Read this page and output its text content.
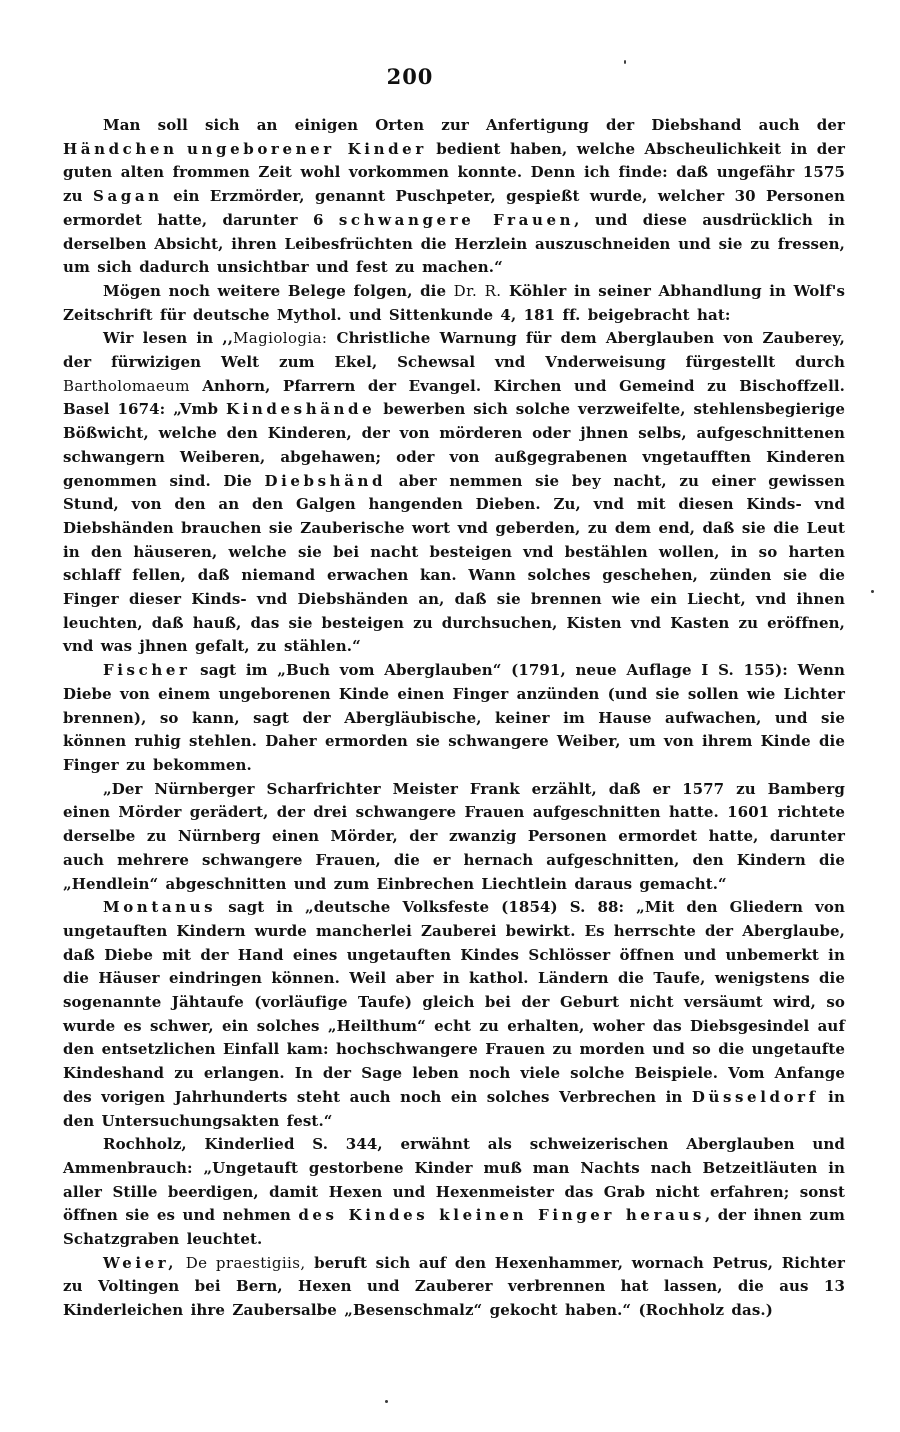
200

Man soll sich an einigen Orten zur Anfertigung der Diebshand auch der Händchen ungeborener Kinder bedient haben, welche Abscheulichkeit in der guten alten frommen Zeit wohl vorkommen konnte. Denn ich finde: daß ungefähr 1575 zu Sagan ein Erzmörder, genannt Puschpeter, gespießt wurde, welcher 30 Personen ermordet hatte, darunter 6 schwangere Frauen, und diese ausdrücklich in derselben Absicht, ihren Leibesfrüchten die Herzlein auszuschneiden und sie zu fressen, um sich dadurch unsichtbar und fest zu machen.“

Mögen noch weitere Belege folgen, die Dr. R. Köhler in seiner Abhandlung in Wolf's Zeitschrift für deutsche Mythol. und Sittenkunde 4, 181 ff. beigebracht hat:

Wir lesen in ,,Magiologia: Christliche Warnung für dem Aberglauben von Zauberey, der fürwizigen Welt zum Ekel, Schewsal vnd Vnderweisung fürgestellt durch Bartholomaeum Anhorn, Pfarrern der Evangel. Kirchen und Gemeind zu Bischoffzell. Basel 1674: „Vmb Kindeshände bewerben sich solche verzweifelte, stehlensbegierige Bößwicht, welche den Kinderen, der von mörderen oder jhnen selbs, aufgeschnittenen schwangern Weiberen, abgehawen; oder von außgegrabenen vngetaufften Kinderen genommen sind. Die Diebshänd aber nemmen sie bey nacht, zu einer gewissen Stund, von den an den Galgen hangenden Dieben. Zu, vnd mit diesen Kinds- vnd Diebshänden brauchen sie Zauberische wort vnd geberden, zu dem end, daß sie die Leut in den häuseren, welche sie bei nacht besteigen vnd bestählen wollen, in so harten schlaff fellen, daß niemand erwachen kan. Wann solches geschehen, zünden sie die Finger dieser Kinds- vnd Diebshänden an, daß sie brennen wie ein Liecht, vnd ihnen leuchten, daß hauß, das sie besteigen zu durchsuchen, Kisten vnd Kasten zu eröffnen, vnd was jhnen gefalt, zu stählen.“

Fischer sagt im „Buch vom Aberglauben“ (1791, neue Auflage I S. 155): Wenn Diebe von einem ungeborenen Kinde einen Finger anzünden (und sie sollen wie Lichter brennen), so kann, sagt der Abergläubische, keiner im Hause aufwachen, und sie können ruhig stehlen. Daher ermorden sie schwangere Weiber, um von ihrem Kinde die Finger zu bekommen.

„Der Nürnberger Scharfrichter Meister Frank erzählt, daß er 1577 zu Bamberg einen Mörder gerädert, der drei schwangere Frauen aufgeschnitten hatte. 1601 richtete derselbe zu Nürnberg einen Mörder, der zwanzig Personen ermordet hatte, darunter auch mehrere schwangere Frauen, die er hernach aufgeschnitten, den Kindern die „Hendlein“ abgeschnitten und zum Einbrechen Liechtlein daraus gemacht.“

Montanus sagt in „deutsche Volksfeste (1854) S. 88: „Mit den Gliedern von ungetauften Kindern wurde mancherlei Zauberei bewirkt. Es herrschte der Aberglaube, daß Diebe mit der Hand eines ungetauften Kindes Schlösser öffnen und unbemerkt in die Häuser eindringen können. Weil aber in kathol. Ländern die Taufe, wenigstens die sogenannte Jähtaufe (vorläufige Taufe) gleich bei der Geburt nicht versäumt wird, so wurde es schwer, ein solches „Heilthum“ echt zu erhalten, woher das Diebsgesindel auf den entsetzlichen Einfall kam: hochschwangere Frauen zu morden und so die ungetaufte Kindeshand zu erlangen. In der Sage leben noch viele solche Beispiele. Vom Anfange des vorigen Jahrhunderts steht auch noch ein solches Verbrechen in Düsseldorf in den Untersuchungsakten fest.“

Rochholz, Kinderlied S. 344, erwähnt als schweizerischen Aberglauben und Ammenbrauch: „Ungetauft gestorbene Kinder muß man Nachts nach Betzeitläuten in aller Stille beerdigen, damit Hexen und Hexenmeister das Grab nicht erfahren; sonst öffnen sie es und nehmen des Kindes kleinen Finger heraus, der ihnen zum Schatzgraben leuchtet.

Weier, De praestigiis, beruft sich auf den Hexenhammer, wornach Petrus, Richter zu Voltingen bei Bern, Hexen und Zauberer verbrennen hat lassen, die aus 13 Kinderleichen ihre Zaubersalbe „Besenschmalz“ gekocht haben.“ (Rochholz das.)
